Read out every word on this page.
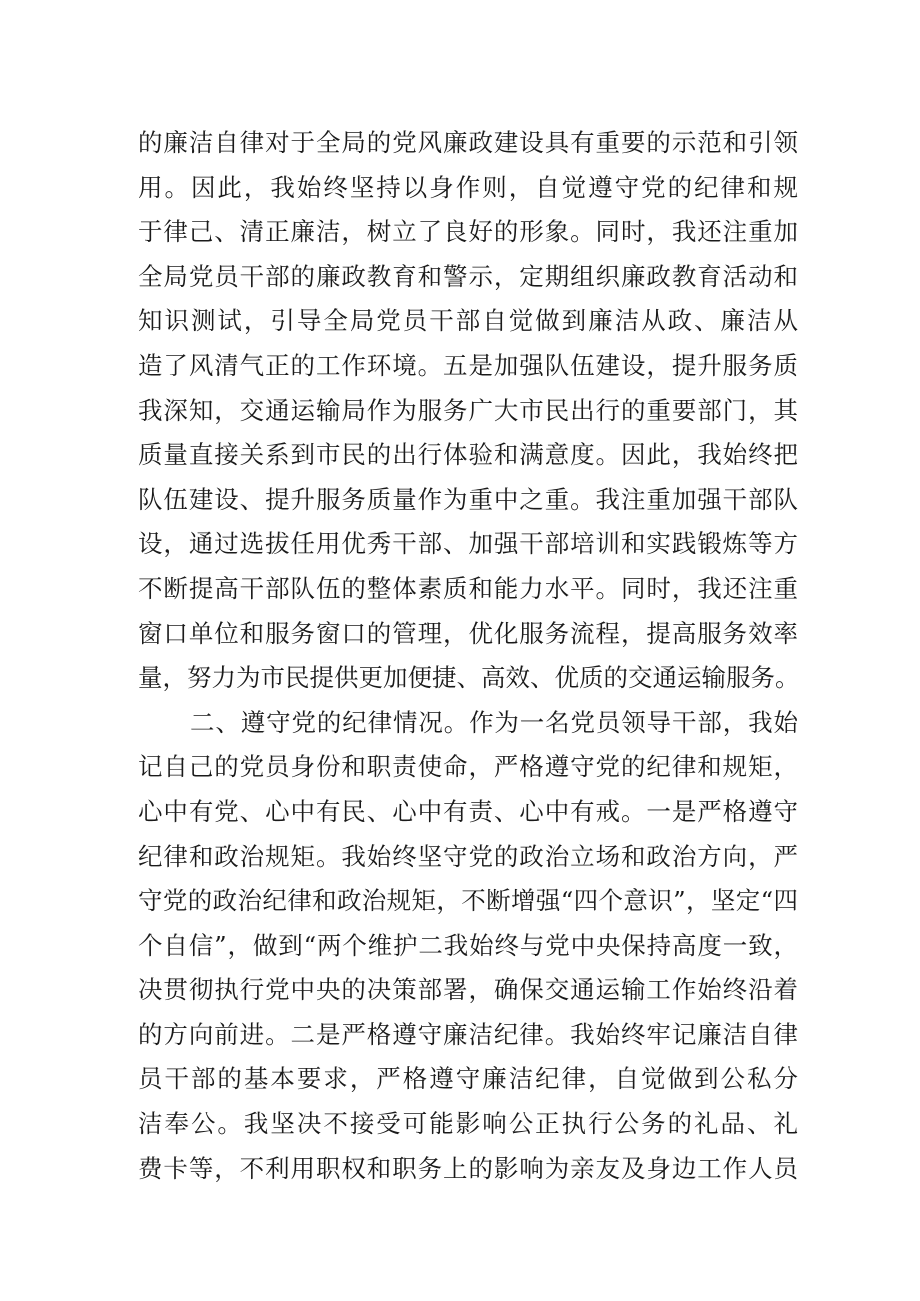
的廉洁自律对于全局的党风廉政建设具有重要的示范和引领
用。因此，我始终坚持以身作则，自觉遵守党的纪律和规
于律己、清正廉洁，树立了良好的形象。同时，我还注重加
全局党员干部的廉政教育和警示，定期组织廉政教育活动和
知识测试，引导全局党员干部自觉做到廉洁从政、廉洁从
造了风清气正的工作环境。五是加强队伍建设，提升服务质
我深知，交通运输局作为服务广大市民出行的重要部门，其
质量直接关系到市民的出行体验和满意度。因此，我始终把
队伍建设、提升服务质量作为重中之重。我注重加强干部队
设，通过选拔任用优秀干部、加强干部培训和实践锻炼等方
不断提高干部队伍的整体素质和能力水平。同时，我还注重
窗口单位和服务窗口的管理，优化服务流程，提高服务效率
量，努力为市民提供更加便捷、高效、优质的交通运输服务。
二、遵守党的纪律情况。作为一名党员领导干部，我始
记自己的党员身份和职责使命，严格遵守党的纪律和规矩，
心中有党、心中有民、心中有责、心中有戒。一是严格遵守
纪律和政治规矩。我始终坚守党的政治立场和政治方向，严
守党的政治纪律和政治规矩，不断增强“四个意识”，坚定“四
个自信”，做到“两个维护二我始终与党中央保持高度一致，
决贯彻执行党中央的决策部署，确保交通运输工作始终沿着
的方向前进。二是严格遵守廉洁纪律。我始终牢记廉洁自律
员干部的基本要求，严格遵守廉洁纪律，自觉做到公私分
洁奉公。我坚决不接受可能影响公正执行公务的礼品、礼
费卡等，不利用职权和职务上的影响为亲友及身边工作人员
